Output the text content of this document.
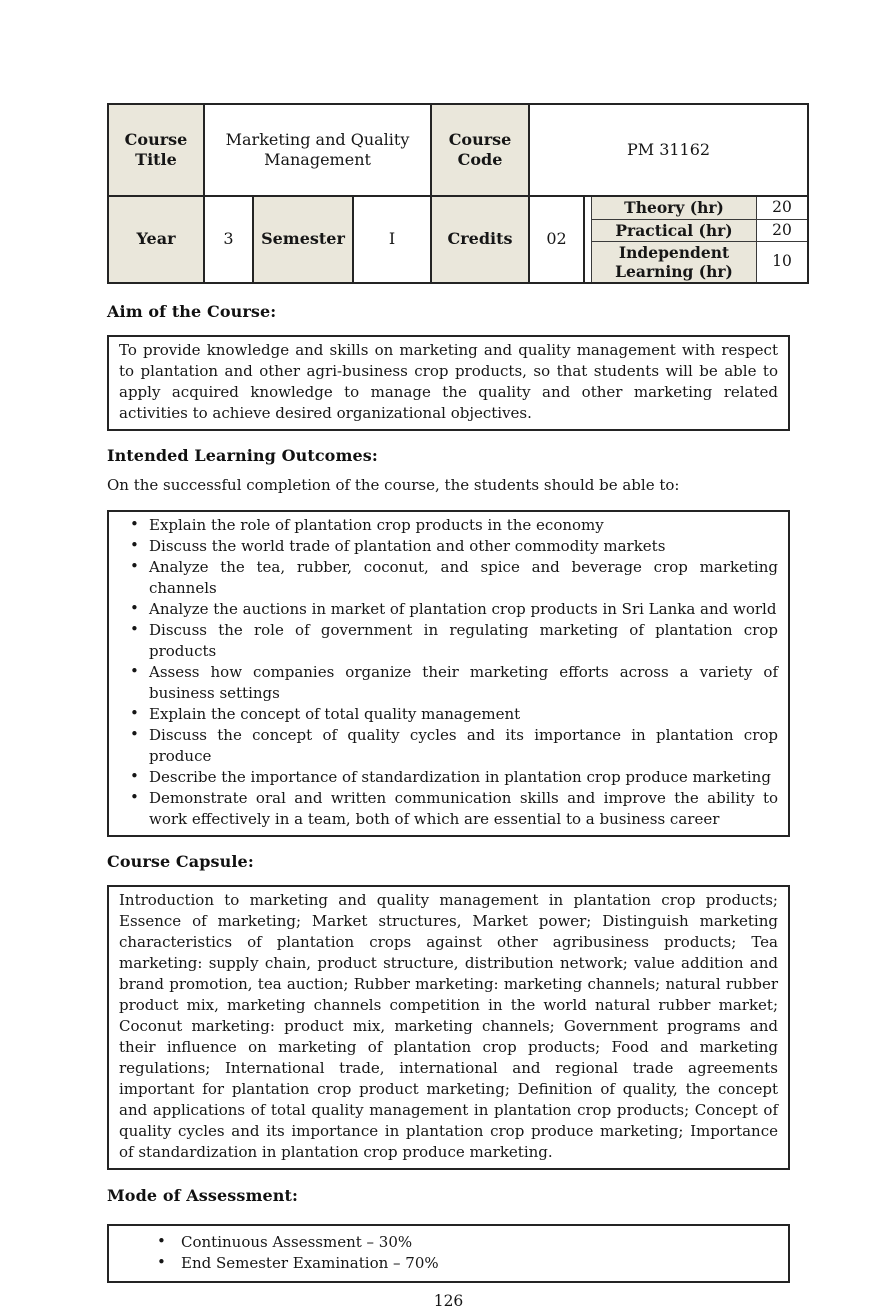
Course Title	Marketing and Quality Management	Course Code	PM 31162
Year	3	Semester	I	Credits	02	
Theory (hr)	20
Practical (hr)	20
Independent Learning (hr)	10
Aim of the Course:
To provide knowledge and skills on marketing and quality management with respect to plantation and other agri-business crop products, so that students will be able to apply acquired knowledge to manage the quality and other marketing related activities to achieve desired organizational objectives.
Intended Learning Outcomes:

On the successful completion of the course, the students should be able to:

• Explain the role of plantation crop products in the economy
• Discuss the world trade of plantation and other commodity markets
• Analyze the tea, rubber, coconut, and spice and beverage crop marketing channels
• Analyze the auctions in market of plantation crop products in Sri Lanka and world
• Discuss the role of government in regulating marketing of plantation crop products
• Assess how companies organize their marketing efforts across a variety of business settings
• Explain the concept of total quality management
• Discuss the concept of quality cycles and its importance in plantation crop produce
• Describe the importance of standardization in plantation crop produce marketing
• Demonstrate oral and written communication skills and improve the ability to work effectively in a team, both of which are essential to a business career
Course Capsule:
Introduction to marketing and quality management in plantation crop products; Essence of marketing; Market structures, Market power; Distinguish marketing characteristics of plantation crops against other agribusiness products; Tea marketing: supply chain, product structure, distribution network; value addition and brand promotion, tea auction; Rubber marketing: marketing channels; natural rubber product mix, marketing channels competition in the world natural rubber market; Coconut marketing: product mix, marketing channels; Government programs and their influence on marketing of plantation crop products; Food and marketing regulations; International trade, international and regional trade agreements important for plantation crop product marketing; Definition of quality, the concept and applications of total quality management in plantation crop products; Concept of quality cycles and its importance in plantation crop produce marketing; Importance of standardization in plantation crop produce marketing.
Mode of Assessment:
• Continuous Assessment – 30%
• End Semester Examination – 70%
126
